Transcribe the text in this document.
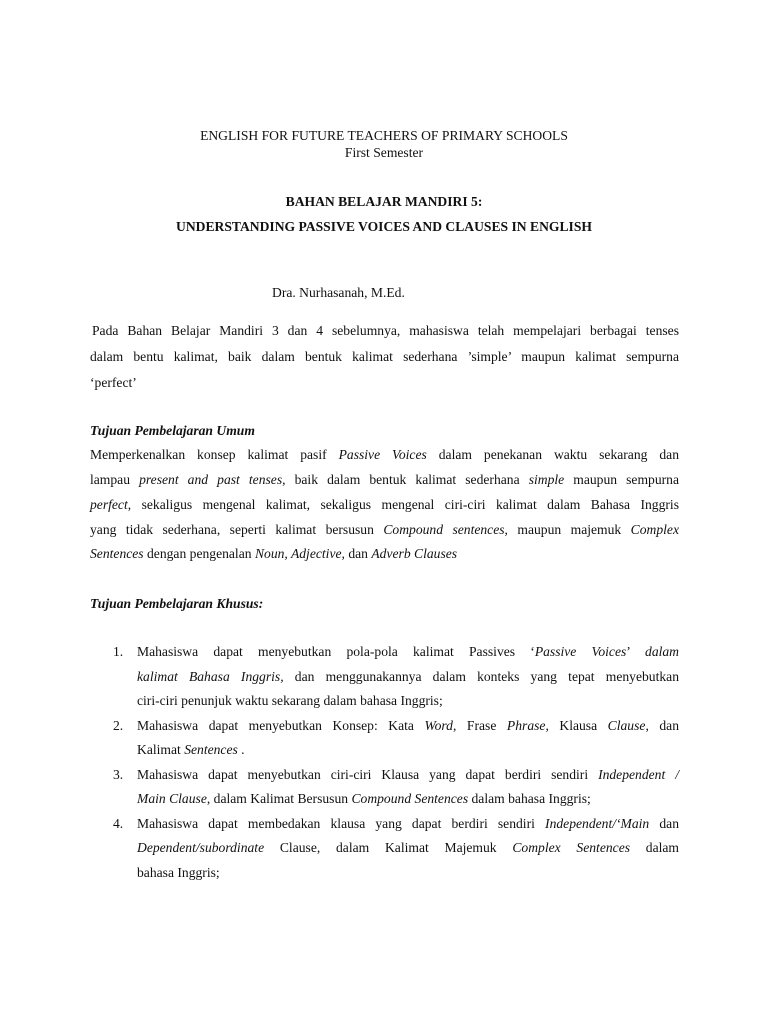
ENGLISH FOR FUTURE TEACHERS OF PRIMARY SCHOOLS
First Semester
BAHAN BELAJAR MANDIRI 5:
UNDERSTANDING PASSIVE VOICES AND CLAUSES IN ENGLISH
Dra. Nurhasanah, M.Ed.
Pada Bahan Belajar Mandiri 3 dan 4 sebelumnya, mahasiswa telah mempelajari berbagai tenses
dalam bentu kalimat, baik dalam bentuk kalimat sederhana ’simple’ maupun kalimat sempurna
‘perfect’
Tujuan Pembelajaran Umum
Memperkenalkan konsep kalimat pasif Passive Voices dalam penekanan waktu sekarang dan
lampau present and past tenses, baik dalam bentuk kalimat sederhana simple maupun sempurna
perfect, sekaligus mengenal kalimat, sekaligus mengenal ciri-ciri kalimat dalam Bahasa Inggris
yang tidak sederhana, seperti kalimat bersusun Compound sentences, maupun majemuk Complex
Sentences dengan pengenalan Noun, Adjective, dan Adverb Clauses
Tujuan Pembelajaran Khusus:
1. Mahasiswa dapat menyebutkan pola-pola kalimat Passives ‘Passive Voices’ dalam
kalimat Bahasa Inggris, dan menggunakannya dalam konteks yang tepat menyebutkan
ciri-ciri penunjuk waktu sekarang dalam bahasa Inggris;
2. Mahasiswa dapat menyebutkan Konsep: Kata Word, Frase Phrase, Klausa Clause, dan
Kalimat Sentences .
3. Mahasiswa dapat menyebutkan ciri-ciri Klausa yang dapat berdiri sendiri Independent /
Main Clause, dalam Kalimat Bersusun Compound Sentences dalam bahasa Inggris;
4. Mahasiswa dapat membedakan klausa yang dapat berdiri sendiri Independent/‘Main dan
Dependent/subordinate Clause, dalam Kalimat Majemuk Complex Sentences dalam
bahasa Inggris;
